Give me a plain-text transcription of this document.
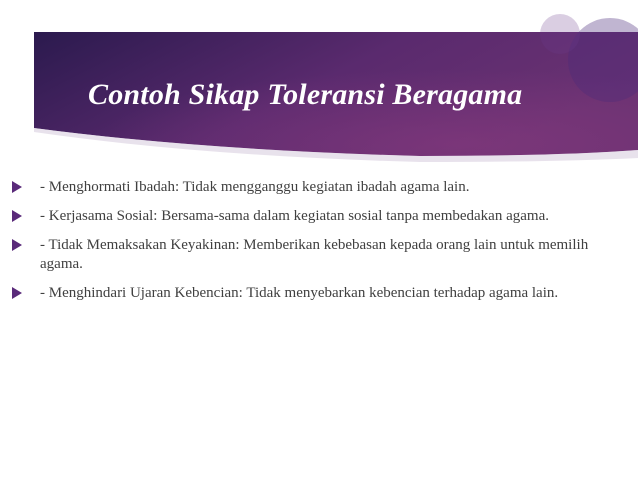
Contoh Sikap Toleransi Beragama
- Menghormati Ibadah: Tidak mengganggu kegiatan ibadah agama lain.
- Kerjasama Sosial: Bersama-sama dalam kegiatan sosial tanpa membedakan agama.
- Tidak Memaksakan Keyakinan: Memberikan kebebasan kepada orang lain untuk memilih agama.
- Menghindari Ujaran Kebencian: Tidak menyebarkan kebencian terhadap agama lain.
